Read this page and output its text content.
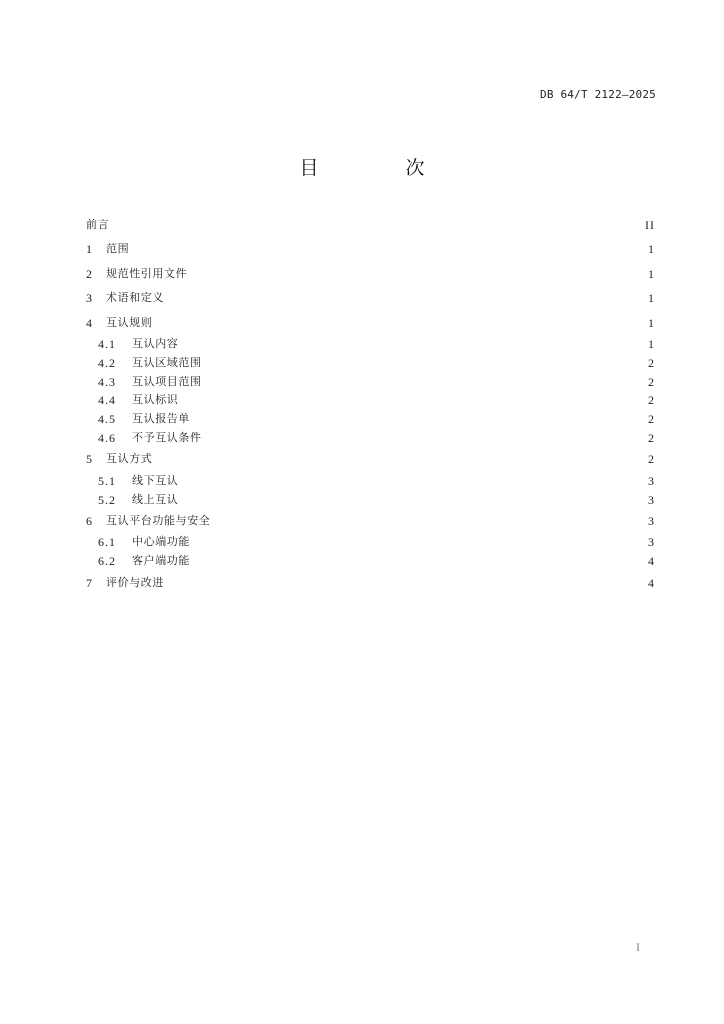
DB 64/T 2122—2025
目　次
前言	II
1	范围	1
2	规范性引用文件	1
3	术语和定义	1
4	互认规则	1
4.1	互认内容	1
4.2	互认区域范围	2
4.3	互认项目范围	2
4.4	互认标识	2
4.5	互认报告单	2
4.6	不予互认条件	2
5	互认方式	2
5.1	线下互认	3
5.2	线上互认	3
6	互认平台功能与安全	3
6.1	中心端功能	3
6.2	客户端功能	4
7	评价与改进	4
I
